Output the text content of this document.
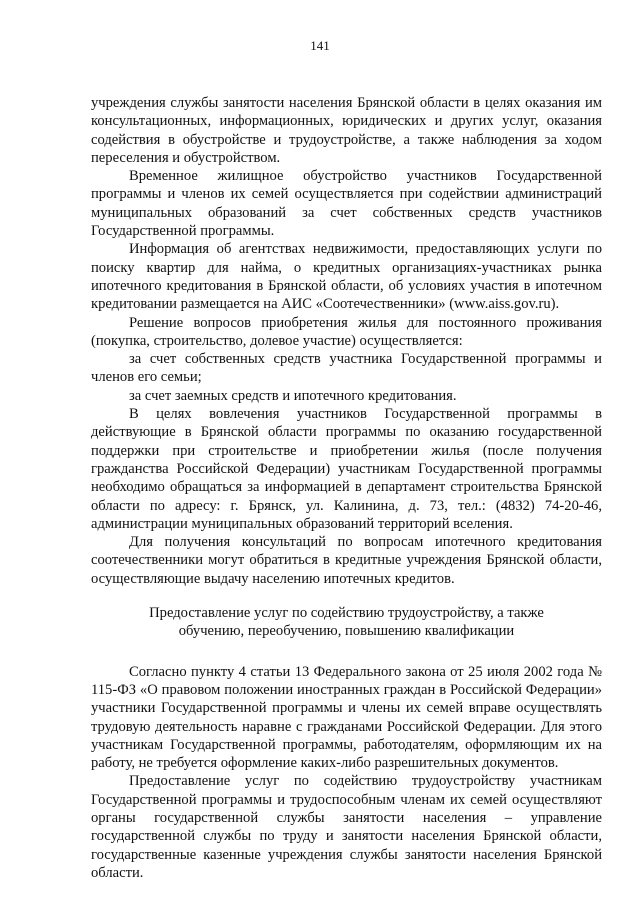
141

учреждения службы занятости населения Брянской области в целях оказания им консультационных, информационных, юридических и других услуг, оказания содействия в обустройстве и трудоустройстве, а также наблюдения за ходом переселения и обустройством.

Временное жилищное обустройство участников Государственной программы и членов их семей осуществляется при содействии администраций муниципальных образований за счет собственных средств участников Государственной программы.

Информация об агентствах недвижимости, предоставляющих услуги по поиску квартир для найма, о кредитных организациях-участниках рынка ипотечного кредитования в Брянской области, об условиях участия в ипотечном кредитовании размещается на АИС «Соотечественники» (www.aiss.gov.ru).

Решение вопросов приобретения жилья для постоянного проживания (покупка, строительство, долевое участие) осуществляется:

за счет собственных средств участника Государственной программы и членов его семьи;

за счет заемных средств и ипотечного кредитования.

В целях вовлечения участников Государственной программы в действующие в Брянской области программы по оказанию государственной поддержки при строительстве и приобретении жилья (после получения гражданства Российской Федерации) участникам Государственной программы необходимо обращаться за информацией в департамент строительства Брянской области по адресу: г. Брянск, ул. Калинина, д. 73, тел.: (4832) 74-20-46, администрации муниципальных образований территорий вселения.

Для получения консультаций по вопросам ипотечного кредитования соотечественники могут обратиться в кредитные учреждения Брянской области, осуществляющие выдачу населению ипотечных кредитов.

Предоставление услуг по содействию трудоустройству, а также
обучению, переобучению, повышению квалификации

Согласно пункту 4 статьи 13 Федерального закона от 25 июля 2002 года № 115-ФЗ «О правовом положении иностранных граждан в Российской Федерации» участники Государственной программы и члены их семей вправе осуществлять трудовую деятельность наравне с гражданами Российской Федерации. Для этого участникам Государственной программы, работодателям, оформляющим их на работу, не требуется оформление каких-либо разрешительных документов.

Предоставление услуг по содействию трудоустройству участникам Государственной программы и трудоспособным членам их семей осуществляют органы государственной службы занятости населения – управление государственной службы по труду и занятости населения Брянской области, государственные казенные учреждения службы занятости населения Брянской области.
